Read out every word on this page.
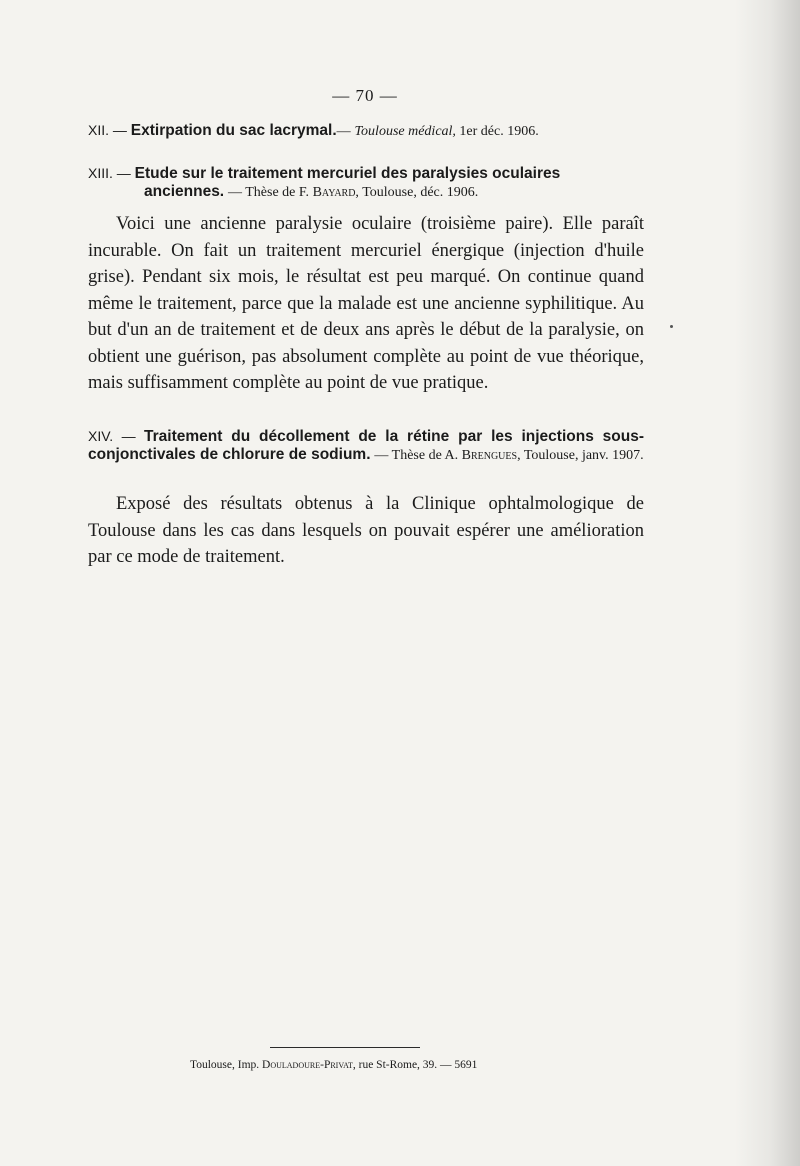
— 70 —
XII. — Extirpation du sac lacrymal.— Toulouse médical, 1er déc. 1906.
XIII. — Etude sur le traitement mercuriel des paralysies oculaires
anciennes. — Thèse de F. Bayard, Toulouse, déc. 1906.
Voici une ancienne paralysie oculaire (troisième paire). Elle paraît incurable. On fait un traitement mercuriel énergique (injection d'huile grise). Pendant six mois, le résultat est peu marqué. On continue quand même le traitement, parce que la malade est une ancienne syphilitique. Au but d'un an de traitement et de deux ans après le début de la paralysie, on obtient une guérison, pas absolument complète au point de vue théorique, mais suffisamment complète au point de vue pratique.
XIV. — Traitement du décollement de la rétine par les injections sous-conjonctivales de chlorure de sodium. — Thèse de A. Brengues, Toulouse, janv. 1907.
Exposé des résultats obtenus à la Clinique ophtalmologique de Toulouse dans les cas dans lesquels on pouvait espérer une amélioration par ce mode de traitement.
Toulouse, Imp. Douladoure-Privat, rue St-Rome, 39. — 5691
